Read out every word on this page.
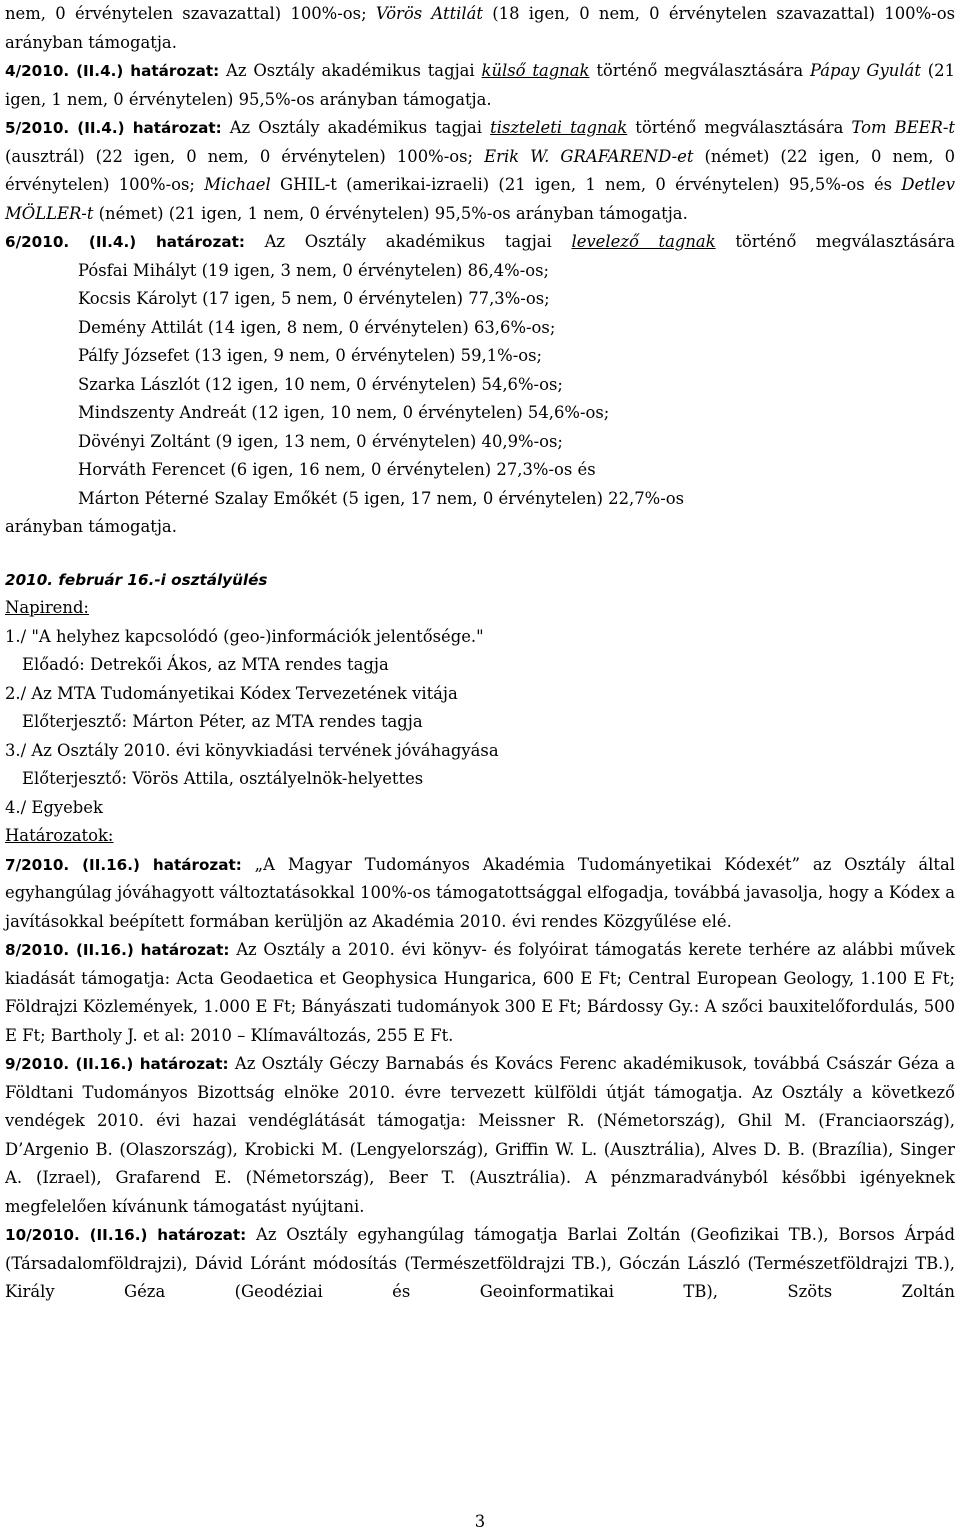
nem, 0 érvénytelen szavazattal) 100%-os; Vörös Attilát (18 igen, 0 nem, 0 érvénytelen szavazattal) 100%-os arányban támogatja.
4/2010. (II.4.) határozat: Az Osztály akadémikus tagjai külső tagnak történő megválasztására Pápay Gyulát (21 igen, 1 nem, 0 érvénytelen) 95,5%-os arányban támogatja.

5/2010. (II.4.) határozat: Az Osztály akadémikus tagjai tiszteleti tagnak történő megválasztására Tom BEER-t (ausztrál) (22 igen, 0 nem, 0 érvénytelen) 100%-os; Erik W. GRAFAREND-et (német) (22 igen, 0 nem, 0 érvénytelen) 100%-os; Michael GHIL-t (amerikai-izraeli) (21 igen, 1 nem, 0 érvénytelen) 95,5%-os és Detlev MÖLLER-t (német) (21 igen, 1 nem, 0 érvénytelen) 95,5%-os arányban támogatja.

6/2010. (II.4.) határozat: Az Osztály akadémikus tagjai levelező tagnak történő megválasztására

Pósfai Mihályt (19 igen, 3 nem, 0 érvénytelen) 86,4%-os;
Kocsis Károlyt (17 igen, 5 nem, 0 érvénytelen) 77,3%-os;
Demény Attilát (14 igen, 8 nem, 0 érvénytelen) 63,6%-os;
Pálfy Józsefet (13 igen, 9 nem, 0 érvénytelen) 59,1%-os;
Szarka Lászlót (12 igen, 10 nem, 0 érvénytelen) 54,6%-os;
Mindszenty Andreát (12 igen, 10 nem, 0 érvénytelen) 54,6%-os;
Dövényi Zoltánt (9 igen, 13 nem, 0 érvénytelen) 40,9%-os;
Horváth Ferencet (6 igen, 16 nem, 0 érvénytelen) 27,3%-os és
Márton Péterné Szalay Emőkét (5 igen, 17 nem, 0 érvénytelen) 22,7%-os
arányban támogatja.
2010. február 16.-i osztályülés
Napirend:
1./ "A helyhez kapcsolódó (geo-)információk jelentősége."
Előadó: Detrekői Ákos, az MTA rendes tagja
2./ Az MTA Tudományetikai Kódex Tervezetének vitája
Előterjesztő: Márton Péter, az MTA rendes tagja
3./ Az Osztály 2010. évi könyvkiadási tervének jóváhagyása
Előterjesztő: Vörös Attila, osztályelnök-helyettes
4./ Egyebek
Határozatok:

7/2010. (II.16.) határozat: „A Magyar Tudományos Akadémia Tudományetikai Kódexét” az Osztály által egyhangúlag jóváhagyott változtatásokkal 100%-os támogatottsággal elfogadja, továbbá javasolja, hogy a Kódex a javításokkal beépített formában kerüljön az Akadémia 2010. évi rendes Közgyűlése elé.

8/2010. (II.16.) határozat: Az Osztály a 2010. évi könyv- és folyóirat támogatás kerete terhére az alábbi művek kiadását támogatja: Acta Geodaetica et Geophysica Hungarica, 600 E Ft; Central European Geology, 1.100 E Ft; Földrajzi Közlemények, 1.000 E Ft; Bányászati tudományok 300 E Ft; Bárdossy Gy.: A szőci bauxitelőfordulás, 500 E Ft; Bartholy J. et al: 2010 – Klímaváltozás, 255 E Ft.

9/2010. (II.16.) határozat: Az Osztály Géczy Barnabás és Kovács Ferenc akadémikusok, továbbá Császár Géza a Földtani Tudományos Bizottság elnöke 2010. évre tervezett külföldi útját támogatja. Az Osztály a következő vendégek 2010. évi hazai vendéglátását támogatja: Meissner R. (Németország), Ghil M. (Franciaország), D’Argenio B. (Olaszország), Krobicki M. (Lengyelország), Griffin W. L. (Ausztrália), Alves D. B. (Brazília), Singer A. (Izrael), Grafarend E. (Németország), Beer T. (Ausztrália). A pénzmaradványból későbbi igényeknek megfelelően kívánunk támogatást nyújtani.

10/2010. (II.16.) határozat: Az Osztály egyhangúlag támogatja Barlai Zoltán (Geofizikai TB.), Borsos Árpád (Társadalomföldrajzi), Dávid Lóránt módosítás (Természetföldrajzi TB.), Góczán László (Természetföldrajzi TB.), Király Géza (Geodéziai és Geoinformatikai TB), Szöts Zoltán

3
